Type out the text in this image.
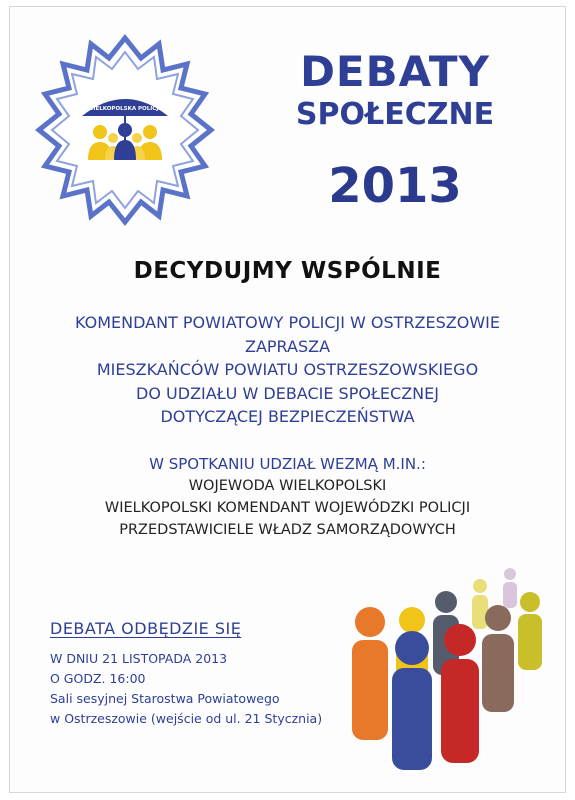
WIELKOPOLSKA POLICJA
DEBATY
SPOŁECZNE
2013
DECYDUJMY WSPÓLNIE
KOMENDANT POWIATOWY POLICJI W OSTRZESZOWIE
ZAPRASZA
MIESZKAŃCÓW POWIATU OSTRZESZOWSKIEGO
DO UDZIAŁU W DEBACIE SPOŁECZNEJ
DOTYCZĄCEJ BEZPIECZEŃSTWA
W SPOTKANIU UDZIAŁ WEZMĄ M.IN.:
WOJEWODA WIELKOPOLSKI
WIELKOPOLSKI KOMENDANT WOJEWÓDZKI POLICJI
PRZEDSTAWICIELE WŁADZ SAMORZĄDOWYCH
DEBATA ODBĘDZIE SIĘ
W DNIU 21 LISTOPADA 2013
O GODZ. 16:00
Sali sesyjnej Starostwa Powiatowego
w Ostrzeszowie (wejście od ul. 21 Stycznia)
